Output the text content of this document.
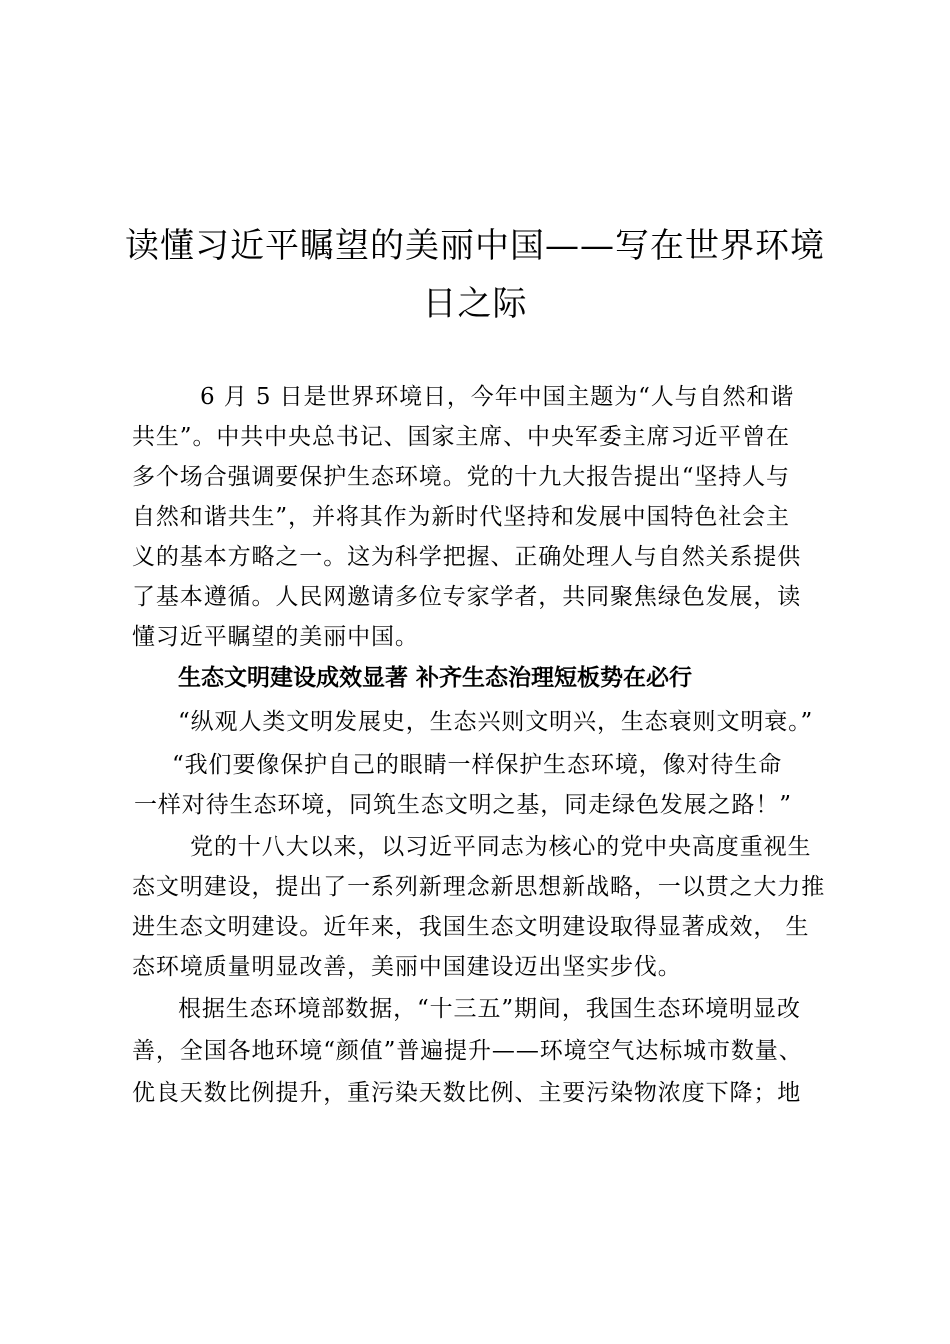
读懂习近平瞩望的美丽中国——写在世界环境
日之际
6 月 5 日是世界环境日，今年中国主题为“人与自然和谐
共生”。中共中央总书记、国家主席、中央军委主席习近平曾在
多个场合强调要保护生态环境。党的十九大报告提出“坚持人与
自然和谐共生”，并将其作为新时代坚持和发展中国特色社会主
义的基本方略之一。这为科学把握、正确处理人与自然关系提供
了基本遵循。人民网邀请多位专家学者，共同聚焦绿色发展，读
懂习近平瞩望的美丽中国。
生态文明建设成效显著 补齐生态治理短板势在必行
“纵观人类文明发展史，生态兴则文明兴，生态衰则文明衰。”
“我们要像保护自己的眼睛一样保护生态环境，像对待生命
一样对待生态环境，同筑生态文明之基，同走绿色发展之路！”
党的十八大以来，以习近平同志为核心的党中央高度重视生
态文明建设，提出了一系列新理念新思想新战略，一以贯之大力推
进生态文明建设。近年来，我国生态文明建设取得显著成效， 生
态环境质量明显改善，美丽中国建设迈出坚实步伐。
根据生态环境部数据，“十三五”期间，我国生态环境明显改
善，全国各地环境“颜值”普遍提升——环境空气达标城市数量、
优良天数比例提升，重污染天数比例、主要污染物浓度下降；地
